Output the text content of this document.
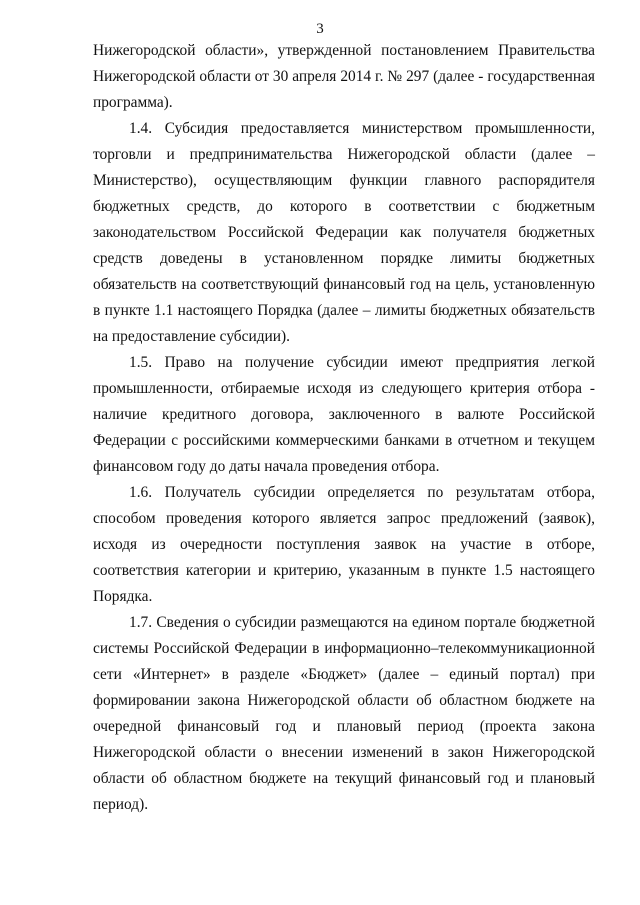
3

Нижегородской области», утвержденной постановлением Правительства Нижегородской области от 30 апреля 2014 г. № 297 (далее - государственная программа).

1.4. Субсидия предоставляется министерством промышленности, торговли и предпринимательства Нижегородской области (далее – Министерство), осуществляющим функции главного распорядителя бюджетных средств, до которого в соответствии с бюджетным законодательством Российской Федерации как получателя бюджетных средств доведены в установленном порядке лимиты бюджетных обязательств на соответствующий финансовый год на цель, установленную в пункте 1.1 настоящего Порядка (далее – лимиты бюджетных обязательств на предоставление субсидии).

1.5. Право на получение субсидии имеют предприятия легкой промышленности, отбираемые исходя из следующего критерия отбора - наличие кредитного договора, заключенного в валюте Российской Федерации с российскими коммерческими банками в отчетном и текущем финансовом году до даты начала проведения отбора.

1.6. Получатель субсидии определяется по результатам отбора, способом проведения которого является запрос предложений (заявок), исходя из очередности поступления заявок на участие в отборе, соответствия категории и критерию, указанным в пункте 1.5 настоящего Порядка.

1.7. Сведения о субсидии размещаются на едином портале бюджетной системы Российской Федерации в информационно–телекоммуникационной сети «Интернет» в разделе «Бюджет» (далее – единый портал) при формировании закона Нижегородской области об областном бюджете на очередной финансовый год и плановый период (проекта закона Нижегородской области о внесении изменений в закон Нижегородской области об областном бюджете на текущий финансовый год и плановый период).
